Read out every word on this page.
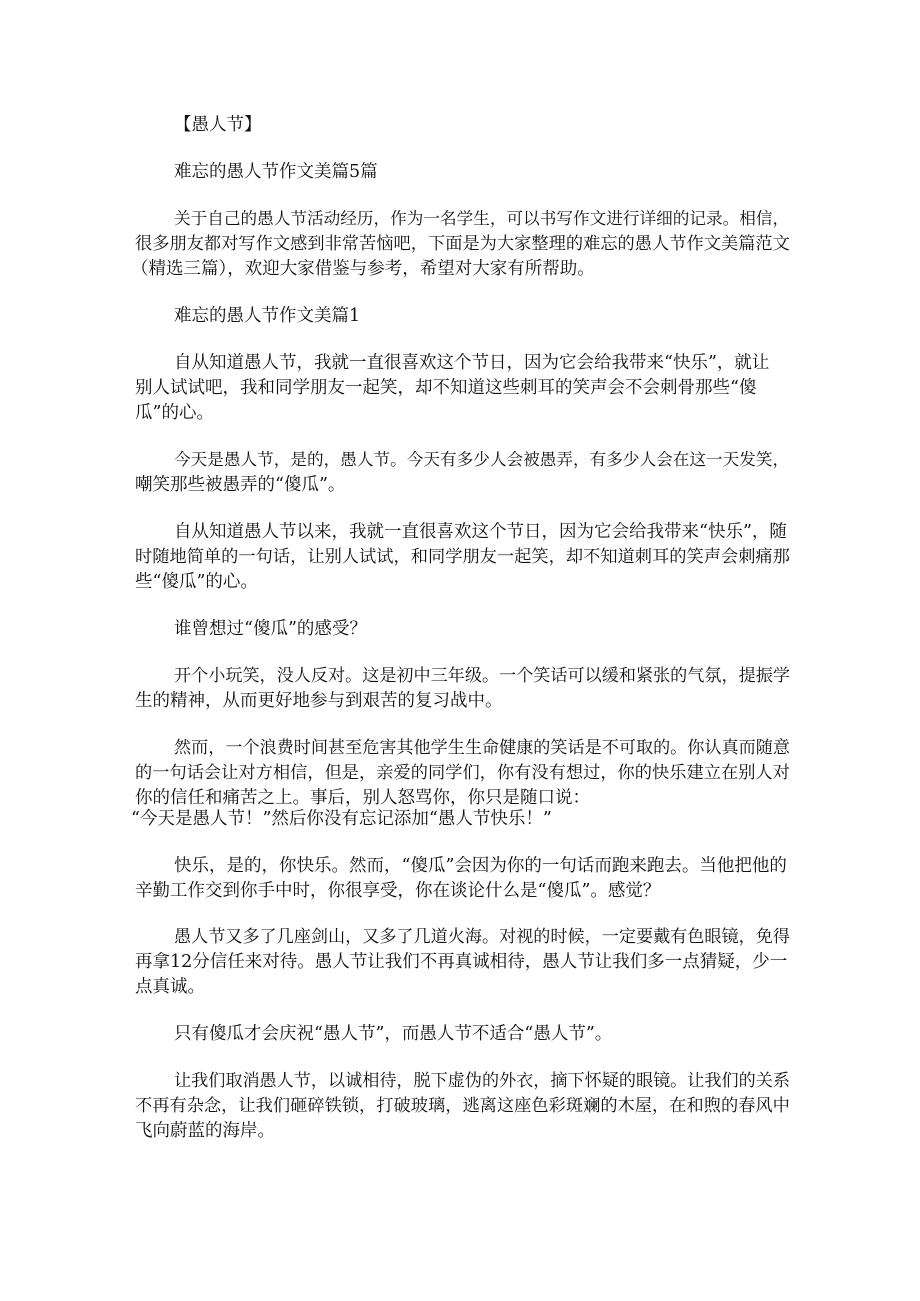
【愚人节】
难忘的愚人节作文美篇5篇
关于自己的愚人节活动经历，作为一名学生，可以书写作文进行详细的记录。相信，
很多朋友都对写作文感到非常苦恼吧，下面是为大家整理的难忘的愚人节作文美篇范文
（精选三篇），欢迎大家借鉴与参考，希望对大家有所帮助。
难忘的愚人节作文美篇1
自从知道愚人节，我就一直很喜欢这个节日，因为它会给我带来“快乐”，就让
别人试试吧，我和同学朋友一起笑，却不知道这些刺耳的笑声会不会刺骨那些“傻
瓜”的心。
今天是愚人节，是的，愚人节。今天有多少人会被愚弄，有多少人会在这一天发笑，
嘲笑那些被愚弄的“傻瓜”。
自从知道愚人节以来，我就一直很喜欢这个节日，因为它会给我带来“快乐”，随
时随地简单的一句话，让别人试试，和同学朋友一起笑，却不知道刺耳的笑声会刺痛那
些“傻瓜”的心。
谁曾想过“傻瓜”的感受？
开个小玩笑，没人反对。这是初中三年级。一个笑话可以缓和紧张的气氛，提振学
生的精神，从而更好地参与到艰苦的复习战中。
然而，一个浪费时间甚至危害其他学生生命健康的笑话是不可取的。你认真而随意
的一句话会让对方相信，但是，亲爱的同学们，你有没有想过，你的快乐建立在别人对
你的信任和痛苦之上。事后，别人怒骂你，你只是随口说：
“今天是愚人节！”然后你没有忘记添加“愚人节快乐！”
快乐，是的，你快乐。然而，“傻瓜”会因为你的一句话而跑来跑去。当他把他的
辛勤工作交到你手中时，你很享受，你在谈论什么是“傻瓜”。感觉？
愚人节又多了几座剑山，又多了几道火海。对视的时候，一定要戴有色眼镜，免得
再拿12分信任来对待。愚人节让我们不再真诚相待，愚人节让我们多一点猜疑，少一
点真诚。
只有傻瓜才会庆祝“愚人节”，而愚人节不适合“愚人节”。
让我们取消愚人节，以诚相待，脱下虚伪的外衣，摘下怀疑的眼镜。让我们的关系
不再有杂念，让我们砸碎铁锁，打破玻璃，逃离这座色彩斑斓的木屋，在和煦的春风中
飞向蔚蓝的海岸。
